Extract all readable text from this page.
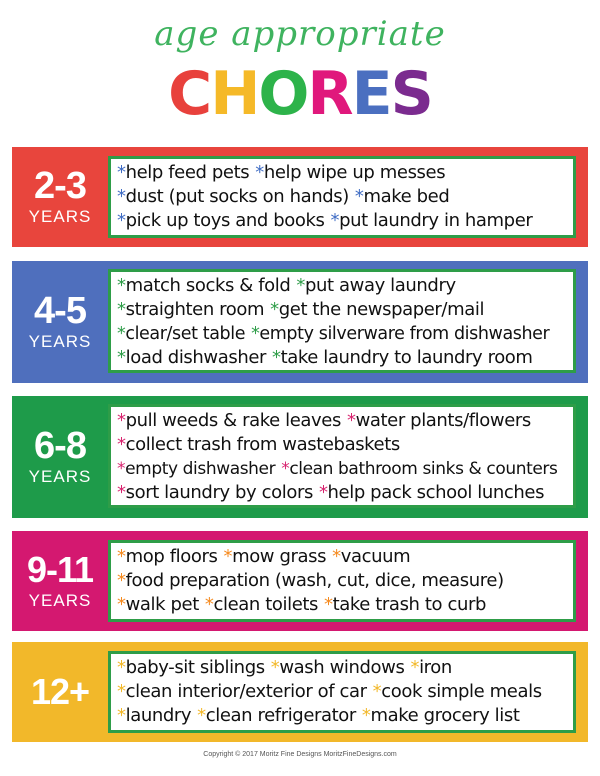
age appropriate
CHORES
2-3
YEARS
*help feed pets *help wipe up messes
*dust (put socks on hands) *make bed
*pick up toys and books *put laundry in hamper
4-5
YEARS
*match socks & fold *put away laundry
*straighten room *get the newspaper/mail
*clear/set table *empty silverware from dishwasher
*load dishwasher *take laundry to laundry room
6-8
YEARS
*pull weeds & rake leaves *water plants/flowers
*collect trash from wastebaskets
*empty dishwasher *clean bathroom sinks & counters
*sort laundry by colors *help pack school lunches
9-11
YEARS
*mop floors *mow grass *vacuum
*food preparation (wash, cut, dice, measure)
*walk pet *clean toilets *take trash to curb
12+
*baby-sit siblings *wash windows *iron
*clean interior/exterior of car *cook simple meals
*laundry *clean refrigerator *make grocery list
Copyright © 2017 Moritz Fine Designs MoritzFineDesigns.com
